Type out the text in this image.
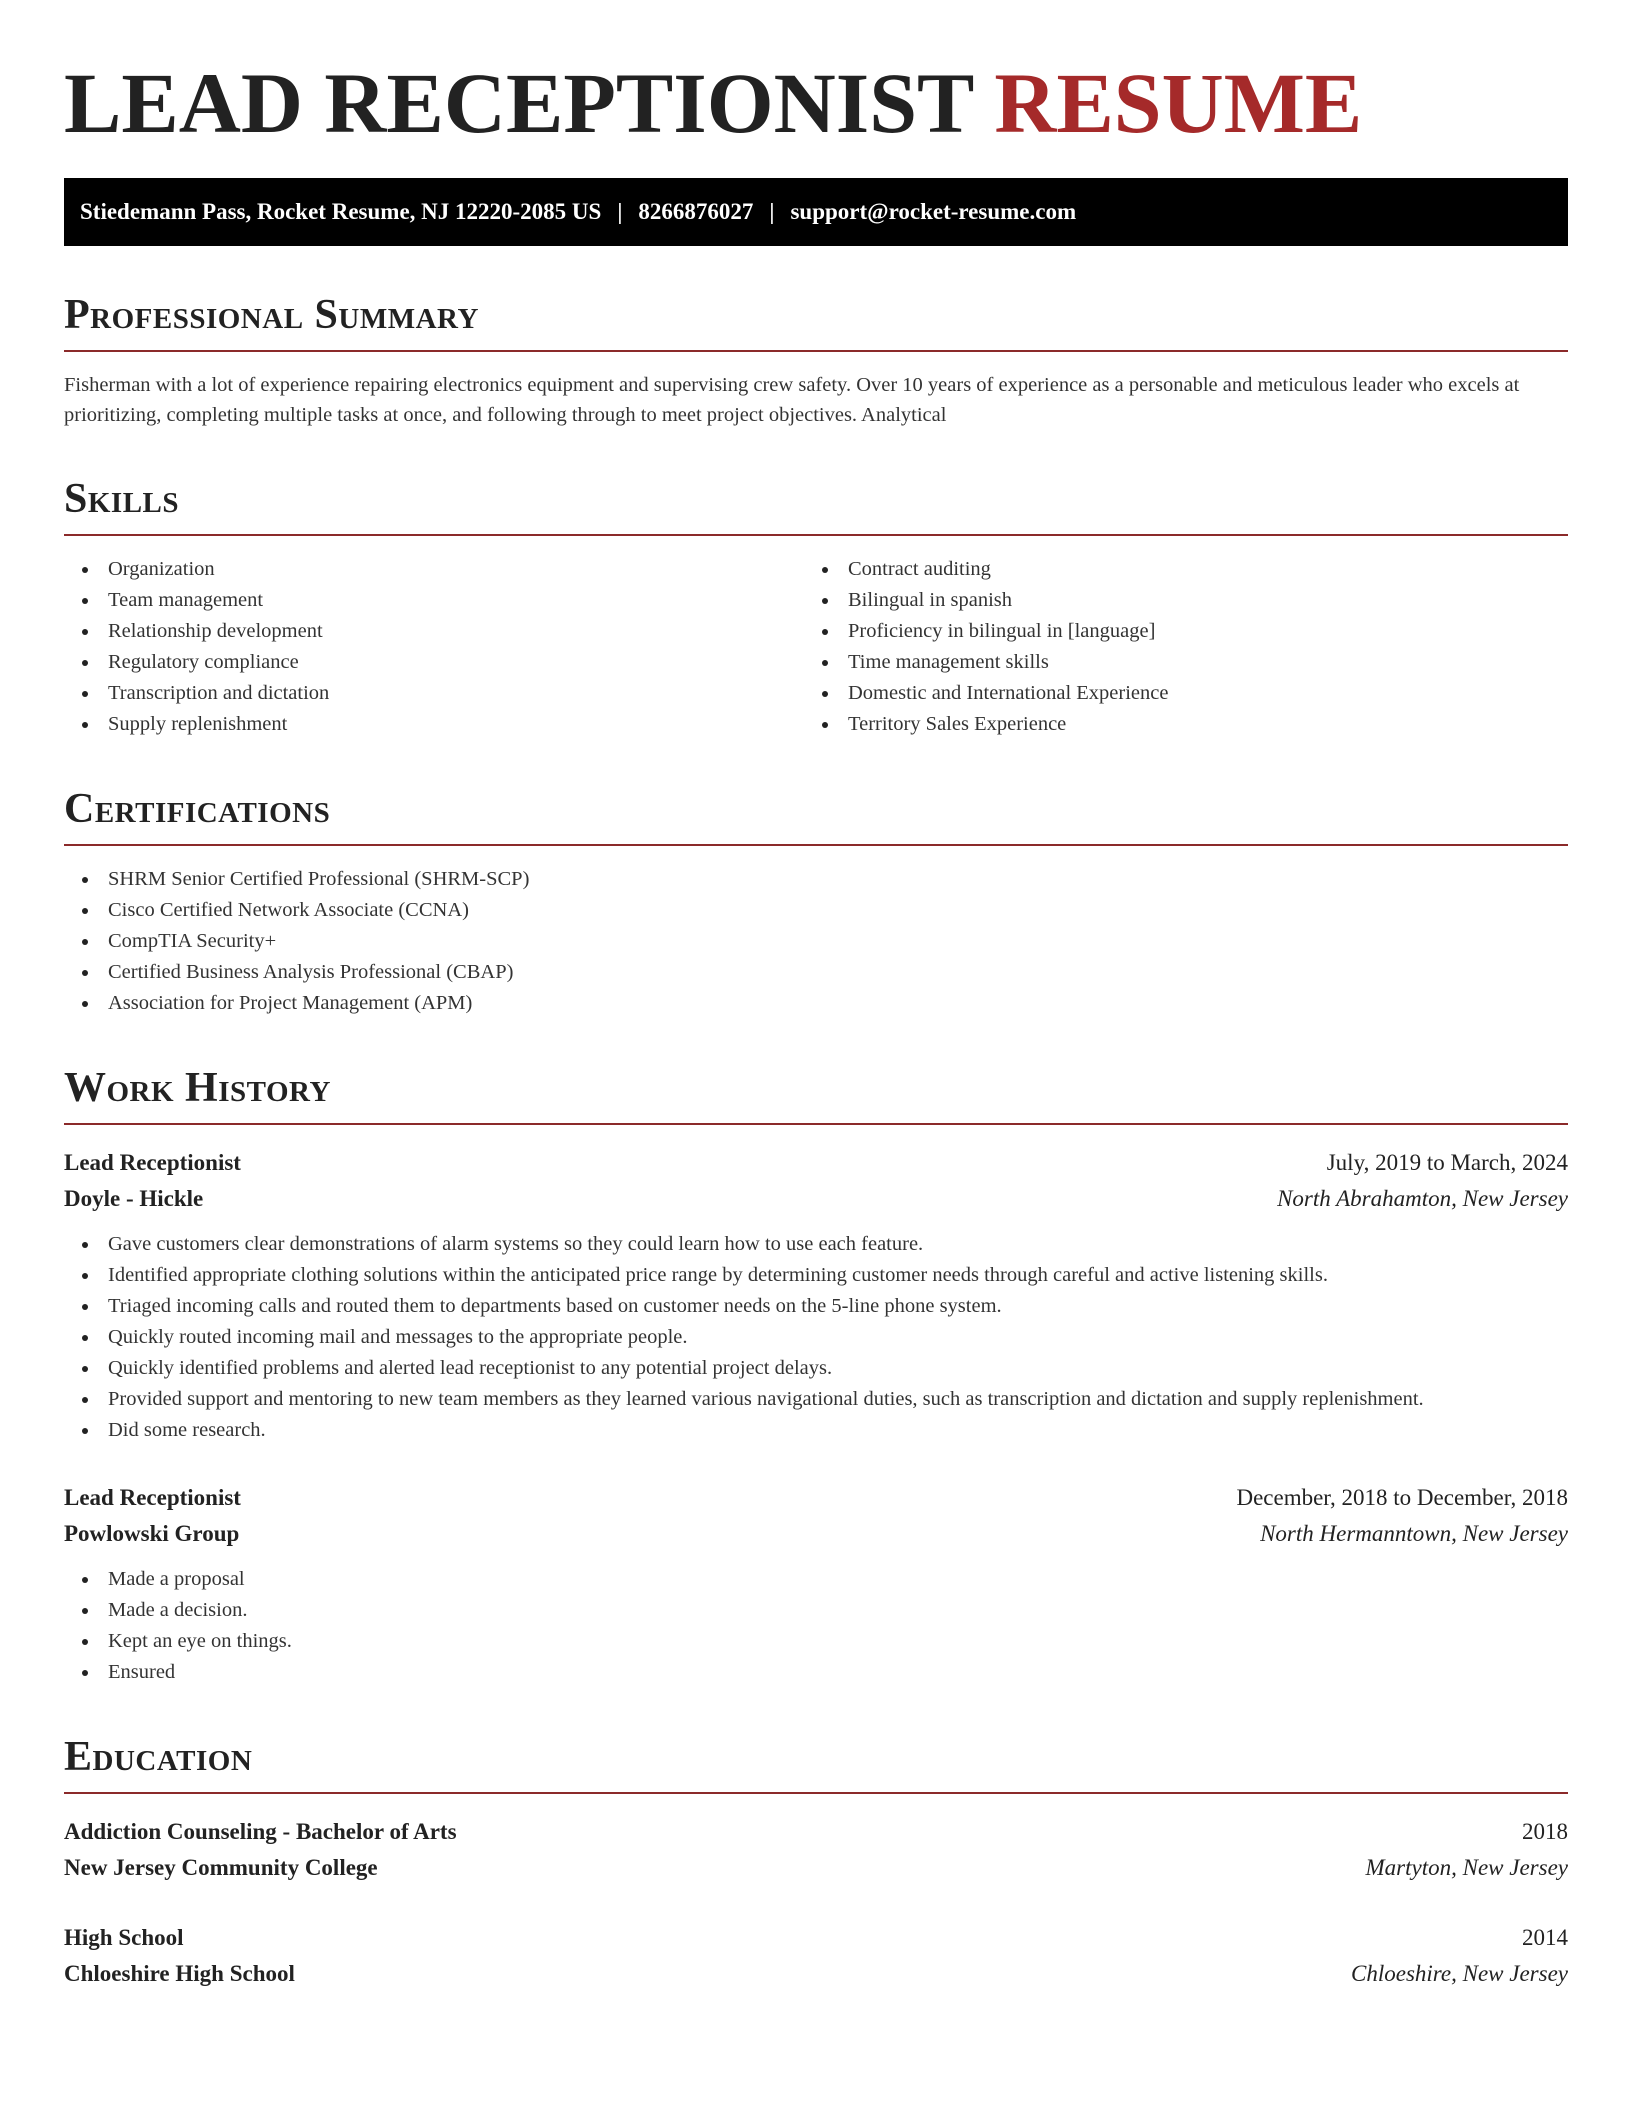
LEAD RECEPTIONIST RESUME
Stiedemann Pass, Rocket Resume, NJ 12220-2085 US | 8266876027 | support@rocket-resume.com
Professional Summary

Fisherman with a lot of experience repairing electronics equipment and supervising crew safety. Over 10 years of experience as a personable and meticulous leader who excels at prioritizing, completing multiple tasks at once, and following through to meet project objectives. Analytical

Skills
Organization
Team management
Relationship development
Regulatory compliance
Transcription and dictation
Supply replenishment
Contract auditing
Bilingual in spanish
Proficiency in bilingual in [language]
Time management skills
Domestic and International Experience
Territory Sales Experience
Certifications
SHRM Senior Certified Professional (SHRM-SCP)
Cisco Certified Network Associate (CCNA)
CompTIA Security+
Certified Business Analysis Professional (CBAP)
Association for Project Management (APM)
Work History
Lead Receptionist	July, 2019 to March, 2024
Doyle - Hickle	North Abrahamton, New Jersey
Gave customers clear demonstrations of alarm systems so they could learn how to use each feature.
Identified appropriate clothing solutions within the anticipated price range by determining customer needs through careful and active listening skills.
Triaged incoming calls and routed them to departments based on customer needs on the 5-line phone system.
Quickly routed incoming mail and messages to the appropriate people.
Quickly identified problems and alerted lead receptionist to any potential project delays.
Provided support and mentoring to new team members as they learned various navigational duties, such as transcription and dictation and supply replenishment.
Did some research.
Lead Receptionist	December, 2018 to December, 2018
Powlowski Group	North Hermanntown, New Jersey
Made a proposal
Made a decision.
Kept an eye on things.
Ensured
Education
Addiction Counseling - Bachelor of Arts	2018
New Jersey Community College	Martyton, New Jersey
High School	2014
Chloeshire High School	Chloeshire, New Jersey
